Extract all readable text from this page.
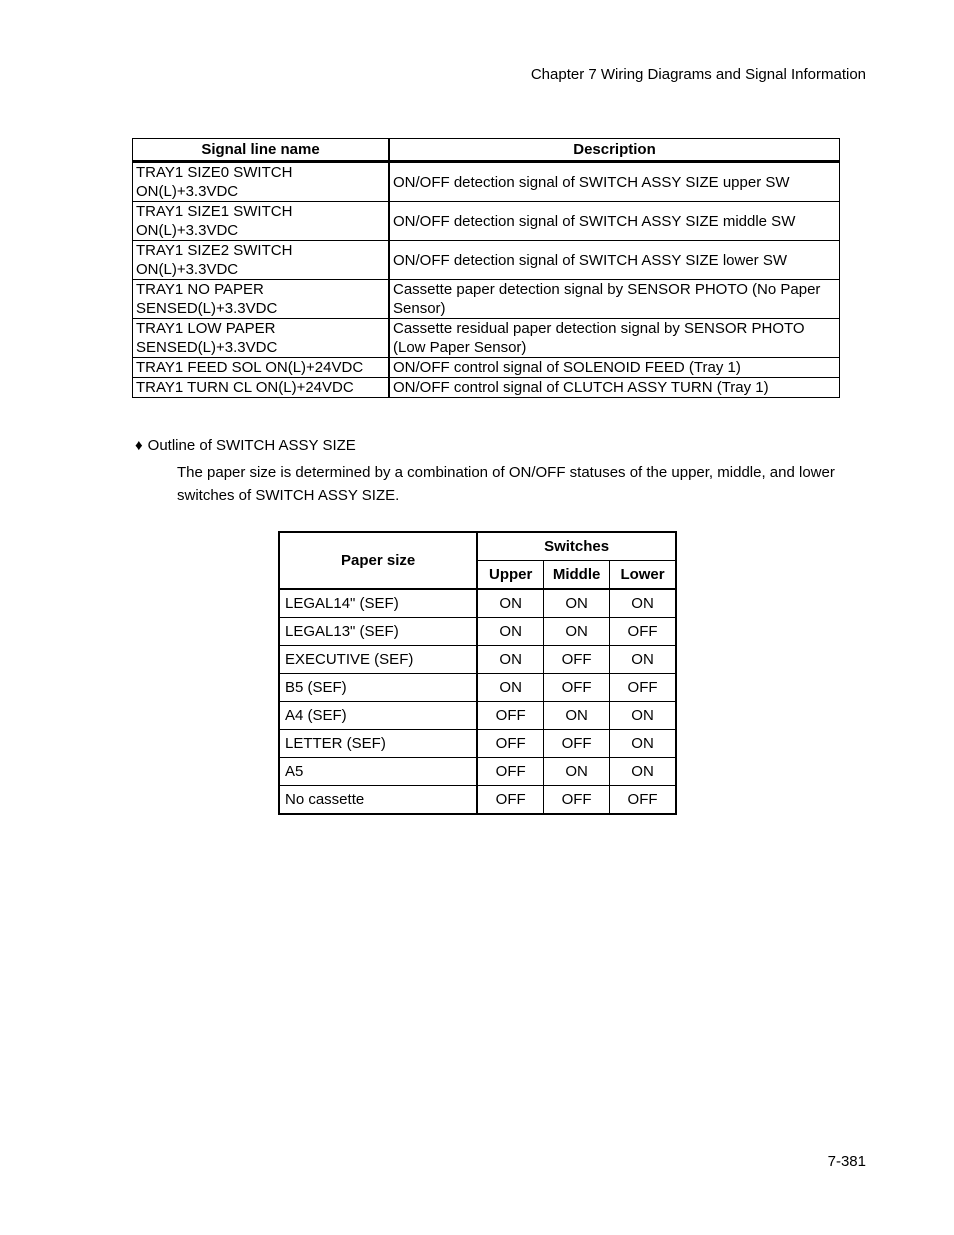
Chapter 7 Wiring Diagrams and Signal Information
Signal line name	Description
TRAY1 SIZE0 SWITCH ON(L)+3.3VDC	ON/OFF detection signal of SWITCH ASSY SIZE upper SW
TRAY1 SIZE1 SWITCH ON(L)+3.3VDC	ON/OFF detection signal of SWITCH ASSY SIZE middle SW
TRAY1 SIZE2 SWITCH ON(L)+3.3VDC	ON/OFF detection signal of SWITCH ASSY SIZE lower SW
TRAY1 NO PAPER SENSED(L)+3.3VDC	Cassette paper detection signal by SENSOR PHOTO (No Paper Sensor)
TRAY1 LOW PAPER SENSED(L)+3.3VDC	Cassette residual paper detection signal by SENSOR PHOTO (Low Paper Sensor)
TRAY1 FEED SOL ON(L)+24VDC	ON/OFF control signal of SOLENOID FEED (Tray 1)
TRAY1 TURN CL ON(L)+24VDC	ON/OFF control signal of CLUTCH ASSY TURN (Tray 1)
♦ Outline of SWITCH ASSY SIZE
The paper size is determined by a combination of ON/OFF statuses of the upper, middle, and lower switches of SWITCH ASSY SIZE.
Paper size	Switches		
	Upper	Middle	Lower
LEGAL14" (SEF)	ON	ON	ON
LEGAL13" (SEF)	ON	ON	OFF
EXECUTIVE (SEF)	ON	OFF	ON
B5 (SEF)	ON	OFF	OFF
A4 (SEF)	OFF	ON	ON
LETTER (SEF)	OFF	OFF	ON
A5	OFF	ON	ON
No cassette	OFF	OFF	OFF
7-381
